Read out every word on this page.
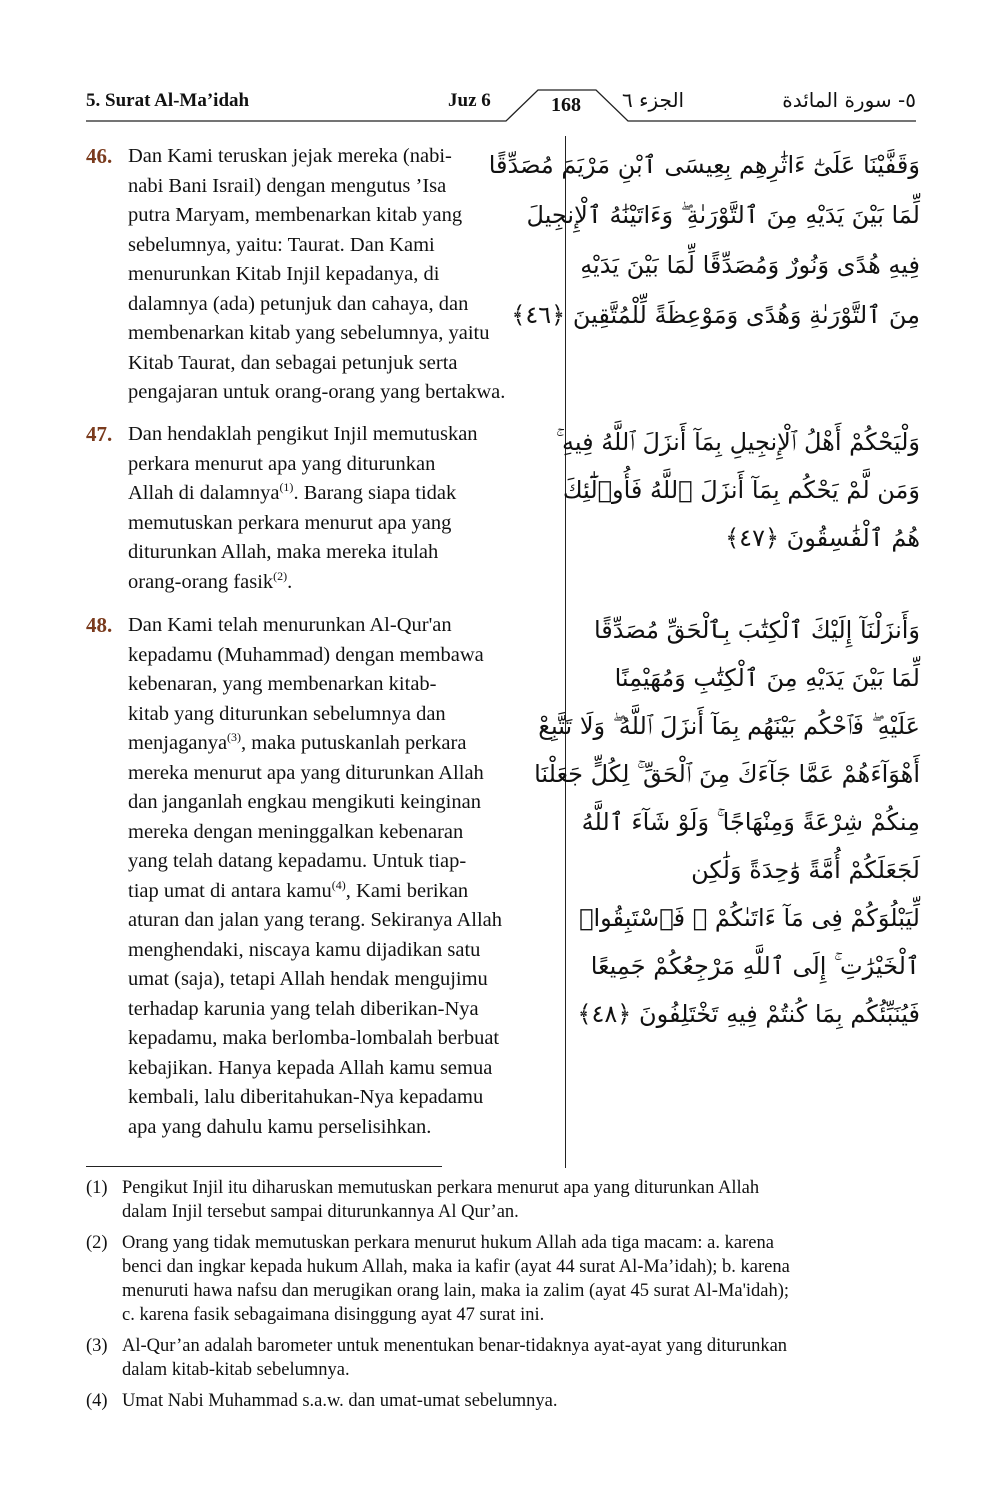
5. Surat Al-Ma’idah	Juz 6	الجزء ٦	٥- سورة المائدة
168
46. Dan Kami teruskan jejak mereka (nabi-
nabi Bani Israil) dengan mengutus ’Isa
putra Maryam, membenarkan kitab yang
sebelumnya, yaitu: Taurat. Dan Kami
menurunkan Kitab Injil kepadanya, di
dalamnya (ada) petunjuk dan cahaya, dan
membenarkan kitab yang sebelumnya, yaitu
Kitab Taurat, dan sebagai petunjuk serta
pengajaran untuk orang-orang yang bertakwa.

وَقَفَّيْنَا عَلَىٰٓ ءَاثَٰرِهِم بِعِيسَى ٱبْنِ مَرْيَمَ مُصَدِّقًا
لِّمَا بَيْنَ يَدَيْهِ مِنَ ٱلتَّوْرَىٰةِ ۖ وَءَاتَيْنَٰهُ ٱلْإِنجِيلَ
فِيهِ هُدًى وَنُورٌ وَمُصَدِّقًا لِّمَا بَيْنَ يَدَيْهِ
مِنَ ٱلتَّوْرَىٰةِ وَهُدًى وَمَوْعِظَةً لِّلْمُتَّقِينَ ﴿٤٦﴾
47. Dan hendaklah pengikut Injil memutuskan
perkara menurut apa yang diturunkan
Allah di dalamnya$^{(1)}$. Barang siapa tidak
memutuskan perkara menurut apa yang
diturunkan Allah, maka mereka itulah
orang-orang fasik$^{(2)}$.

وَلْيَحْكُمْ أَهْلُ ٱلْإِنجِيلِ بِمَآ أَنزَلَ ٱللَّهُ فِيهِ ۚ
وَمَن لَّمْ يَحْكُم بِمَآ أَنزَلَ ٱللَّهُ فَأُو۟لَٰٓئِكَ
هُمُ ٱلْفَٰسِقُونَ ﴿٤٧﴾
48. Dan Kami telah menurunkan Al-Qur'an
kepadamu (Muhammad) dengan membawa
kebenaran, yang membenarkan kitab-
kitab yang diturunkan sebelumnya dan
menjaganya$^{(3)}$, maka putuskanlah perkara
mereka menurut apa yang diturunkan Allah
dan janganlah engkau mengikuti keinginan
mereka dengan meninggalkan kebenaran
yang telah datang kepadamu. Untuk tiap-
tiap umat di antara kamu$^{(4)}$, Kami berikan
aturan dan jalan yang terang. Sekiranya Allah
menghendaki, niscaya kamu dijadikan satu
umat (saja), tetapi Allah hendak mengujimu
terhadap karunia yang telah diberikan-Nya
kepadamu, maka berlomba-lombalah berbuat
kebajikan. Hanya kepada Allah kamu semua
kembali, lalu diberitahukan-Nya kepadamu
apa yang dahulu kamu perselisihkan.

وَأَنزَلْنَآ إِلَيْكَ ٱلْكِتَٰبَ بِٱلْحَقِّ مُصَدِّقًا
لِّمَا بَيْنَ يَدَيْهِ مِنَ ٱلْكِتَٰبِ وَمُهَيْمِنًا
عَلَيْهِ ۖ فَٱحْكُم بَيْنَهُم بِمَآ أَنزَلَ ٱللَّهُ ۖ وَلَا تَتَّبِعْ
أَهْوَآءَهُمْ عَمَّا جَآءَكَ مِنَ ٱلْحَقِّ ۚ لِكُلٍّ جَعَلْنَا
مِنكُمْ شِرْعَةً وَمِنْهَاجًا ۚ وَلَوْ شَآءَ ٱللَّهُ
لَجَعَلَكُمْ أُمَّةً وَٰحِدَةً وَلَٰكِن
لِّيَبْلُوَكُمْ فِى مَآ ءَاتَىٰكُمْ ۖ فَٱسْتَبِقُوا۟
ٱلْخَيْرَٰتِ ۚ إِلَى ٱللَّهِ مَرْجِعُكُمْ جَمِيعًا
فَيُنَبِّئُكُم بِمَا كُنتُمْ فِيهِ تَخْتَلِفُونَ ﴿٤٨﴾
(1) Pengikut Injil itu diharuskan memutuskan perkara menurut apa yang diturunkan Allah
dalam Injil tersebut sampai diturunkannya Al Qur’an.
(2) Orang yang tidak memutuskan perkara menurut hukum Allah ada tiga macam: a. karena
benci dan ingkar kepada hukum Allah, maka ia kafir (ayat 44 surat Al-Ma’idah); b. karena
menuruti hawa nafsu dan merugikan orang lain, maka ia zalim (ayat 45 surat Al-Ma'idah);
c. karena fasik sebagaimana disinggung ayat 47 surat ini.
(3) Al-Qur’an adalah barometer untuk menentukan benar-tidaknya ayat-ayat yang diturunkan
dalam kitab-kitab sebelumnya.
(4) Umat Nabi Muhammad s.a.w. dan umat-umat sebelumnya.
